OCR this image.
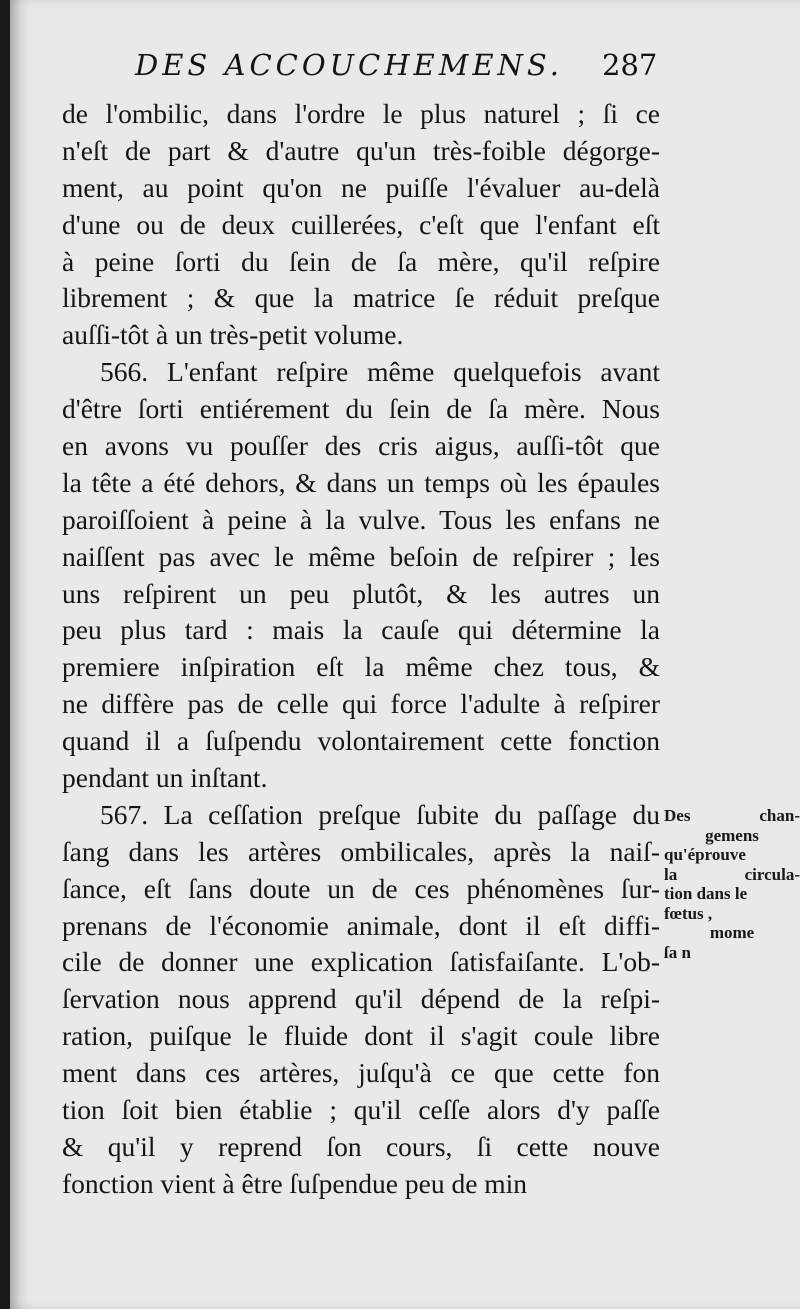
DES ACCOUCHEMENS. 287
de l'ombilic, dans l'ordre le plus naturel ; ſi ce
n'eſt de part & d'autre qu'un très-foible dégorge-
ment, au point qu'on ne puiſſe l'évaluer au-delà
d'une ou de deux cuillerées, c'eſt que l'enfant eſt
à peine ſorti du ſein de ſa mère, qu'il reſpire
librement ; & que la matrice ſe réduit preſque
auſſi-tôt à un très-petit volume.
566. L'enfant reſpire même quelquefois avant
d'être ſorti entiérement du ſein de ſa mère. Nous
en avons vu pouſſer des cris aigus, auſſi-tôt que
la tête a été dehors, & dans un temps où les épaules
paroiſſoient à peine à la vulve. Tous les enfans ne
naiſſent pas avec le même beſoin de reſpirer ; les
uns reſpirent un peu plutôt, & les autres un
peu plus tard : mais la cauſe qui détermine la
premiere inſpiration eſt la même chez tous, &
ne diffère pas de celle qui force l'adulte à reſpirer
quand il a ſuſpendu volontairement cette fonction
pendant un inſtant.
567. La ceſſation preſque ſubite du paſſage du
ſang dans les artères ombilicales, après la naiſ-
ſance, eſt ſans doute un de ces phénomènes ſur-
prenans de l'économie animale, dont il eſt diffi-
cile de donner une explication ſatisfaiſante. L'ob-
ſervation nous apprend qu'il dépend de la reſpi-
ration, puiſque le fluide dont il s'agit coule libre
ment dans ces artères, juſqu'à ce que cette fon
tion ſoit bien établie ; qu'il ceſſe alors d'y paſſe
& qu'il y reprend ſon cours, ſi cette nouve
fonction vient à être ſuſpendue peu de min
Des chan-
gemens
qu'éprouve
la circula-
tion dans le
fœtus ,
mome
ſa n
